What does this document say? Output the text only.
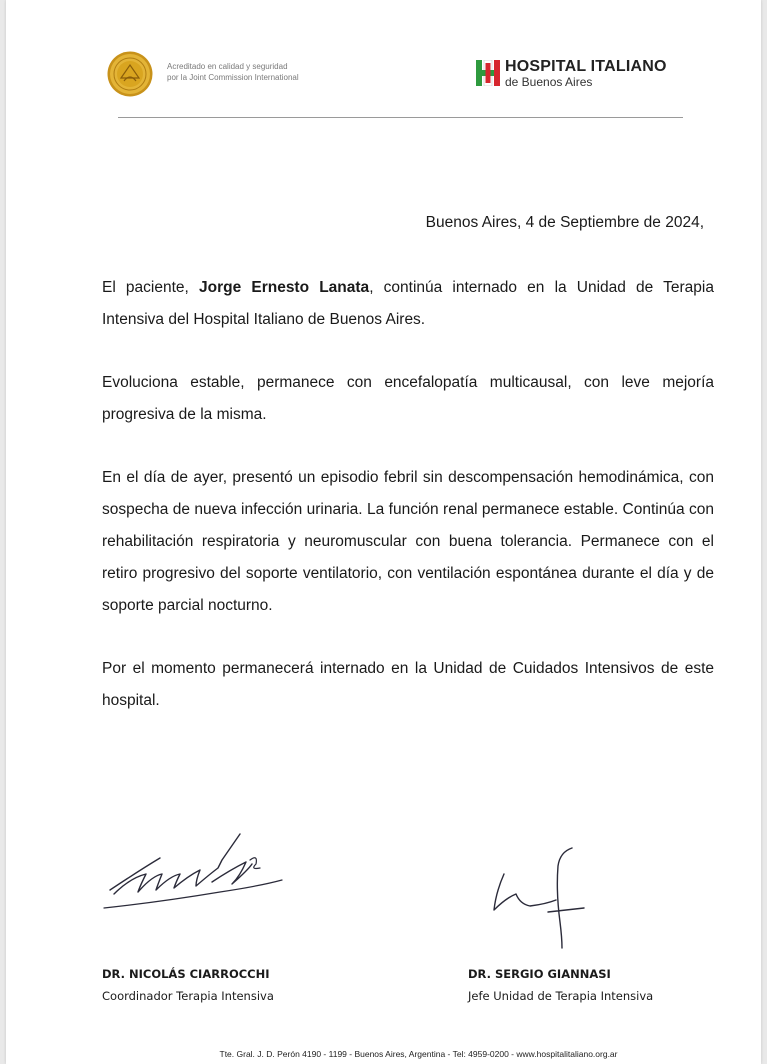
Acreditado en calidad y seguridad
por la Joint Commission International
HOSPITAL ITALIANO
de Buenos Aires
Buenos Aires, 4 de Septiembre de 2024,

El paciente, Jorge Ernesto Lanata, continúa internado en la Unidad de Terapia Intensiva del Hospital Italiano de Buenos Aires.

Evoluciona estable, permanece con encefalopatía multicausal, con leve mejoría progresiva de la misma.

En el día de ayer, presentó un episodio febril sin descompensación hemodinámica, con sospecha de nueva infección urinaria. La función renal permanece estable. Continúa con rehabilitación respiratoria y neuromuscular con buena tolerancia. Permanece con el retiro progresivo del soporte ventilatorio, con ventilación espontánea durante el día y de soporte parcial nocturno.

Por el momento permanecerá internado en la Unidad de Cuidados Intensivos de este hospital.

DR. NICOLÁS CIARROCCHI
Coordinador Terapia Intensiva
DR. SERGIO GIANNASI
Jefe Unidad de Terapia Intensiva
Tte. Gral. J. D. Perón 4190 - 1199 - Buenos Aires, Argentina - Tel: 4959-0200 - www.hospitalitaliano.org.ar
